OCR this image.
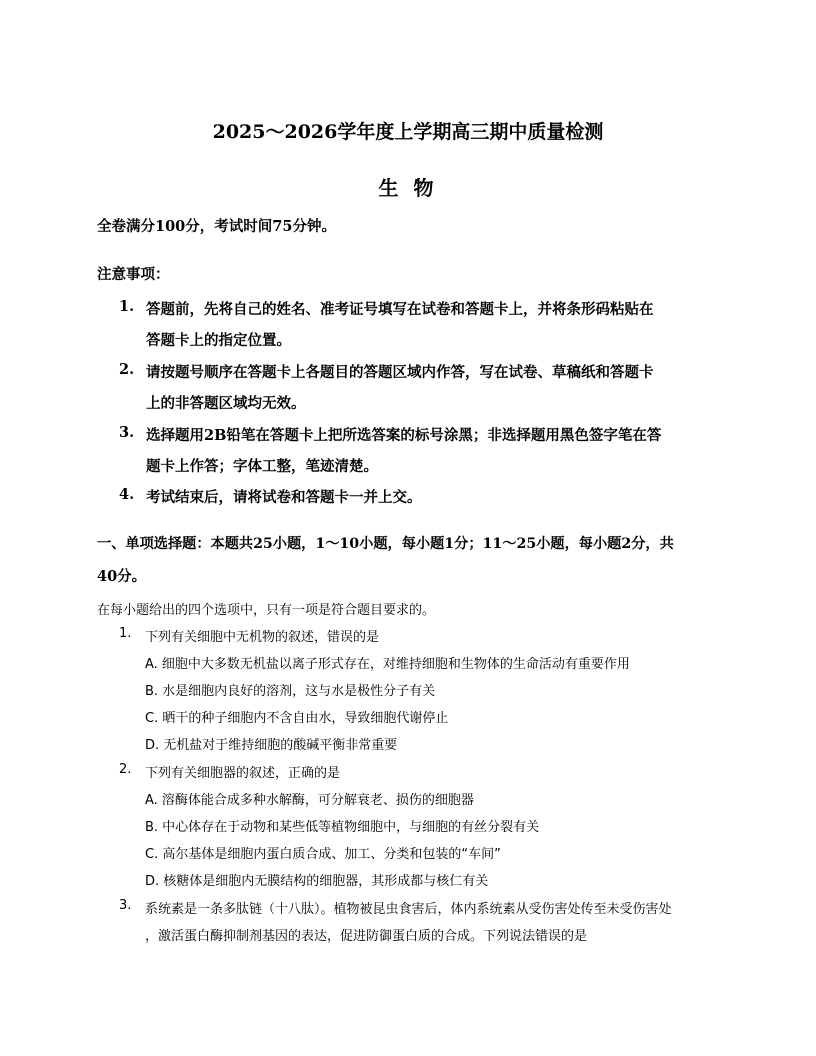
2025～2026学年度上学期高三期中质量检测
生 物
全卷满分100分，考试时间75分钟。
注意事项：
1. 答题前，先将自己的姓名、准考证号填写在试卷和答题卡上，并将条形码粘贴在
答题卡上的指定位置。
2. 请按题号顺序在答题卡上各题目的答题区域内作答，写在试卷、草稿纸和答题卡
上的非答题区域均无效。
3. 选择题用2B铅笔在答题卡上把所选答案的标号涂黑；非选择题用黑色签字笔在答
题卡上作答；字体工整，笔迹清楚。
4. 考试结束后，请将试卷和答题卡一并上交。
一、单项选择题：本题共25小题，1～10小题，每小题1分；11～25小题，每小题2分，共
40分。
在每小题给出的四个选项中，只有一项是符合题目要求的。
1. 下列有关细胞中无机物的叙述，错误的是
A. 细胞中大多数无机盐以离子形式存在，对维持细胞和生物体的生命活动有重要作用
B. 水是细胞内良好的溶剂，这与水是极性分子有关
C. 晒干的种子细胞内不含自由水，导致细胞代谢停止
D. 无机盐对于维持细胞的酸碱平衡非常重要
2. 下列有关细胞器的叙述，正确的是
A. 溶酶体能合成多种水解酶，可分解衰老、损伤的细胞器
B. 中心体存在于动物和某些低等植物细胞中，与细胞的有丝分裂有关
C. 高尔基体是细胞内蛋白质合成、加工、分类和包装的“车间”
D. 核糖体是细胞内无膜结构的细胞器，其形成都与核仁有关
3. 系统素是一条多肽链（十八肽）。植物被昆虫食害后，体内系统素从受伤害处传至未受伤害处
，激活蛋白酶抑制剂基因的表达，促进防御蛋白质的合成。下列说法错误的是
